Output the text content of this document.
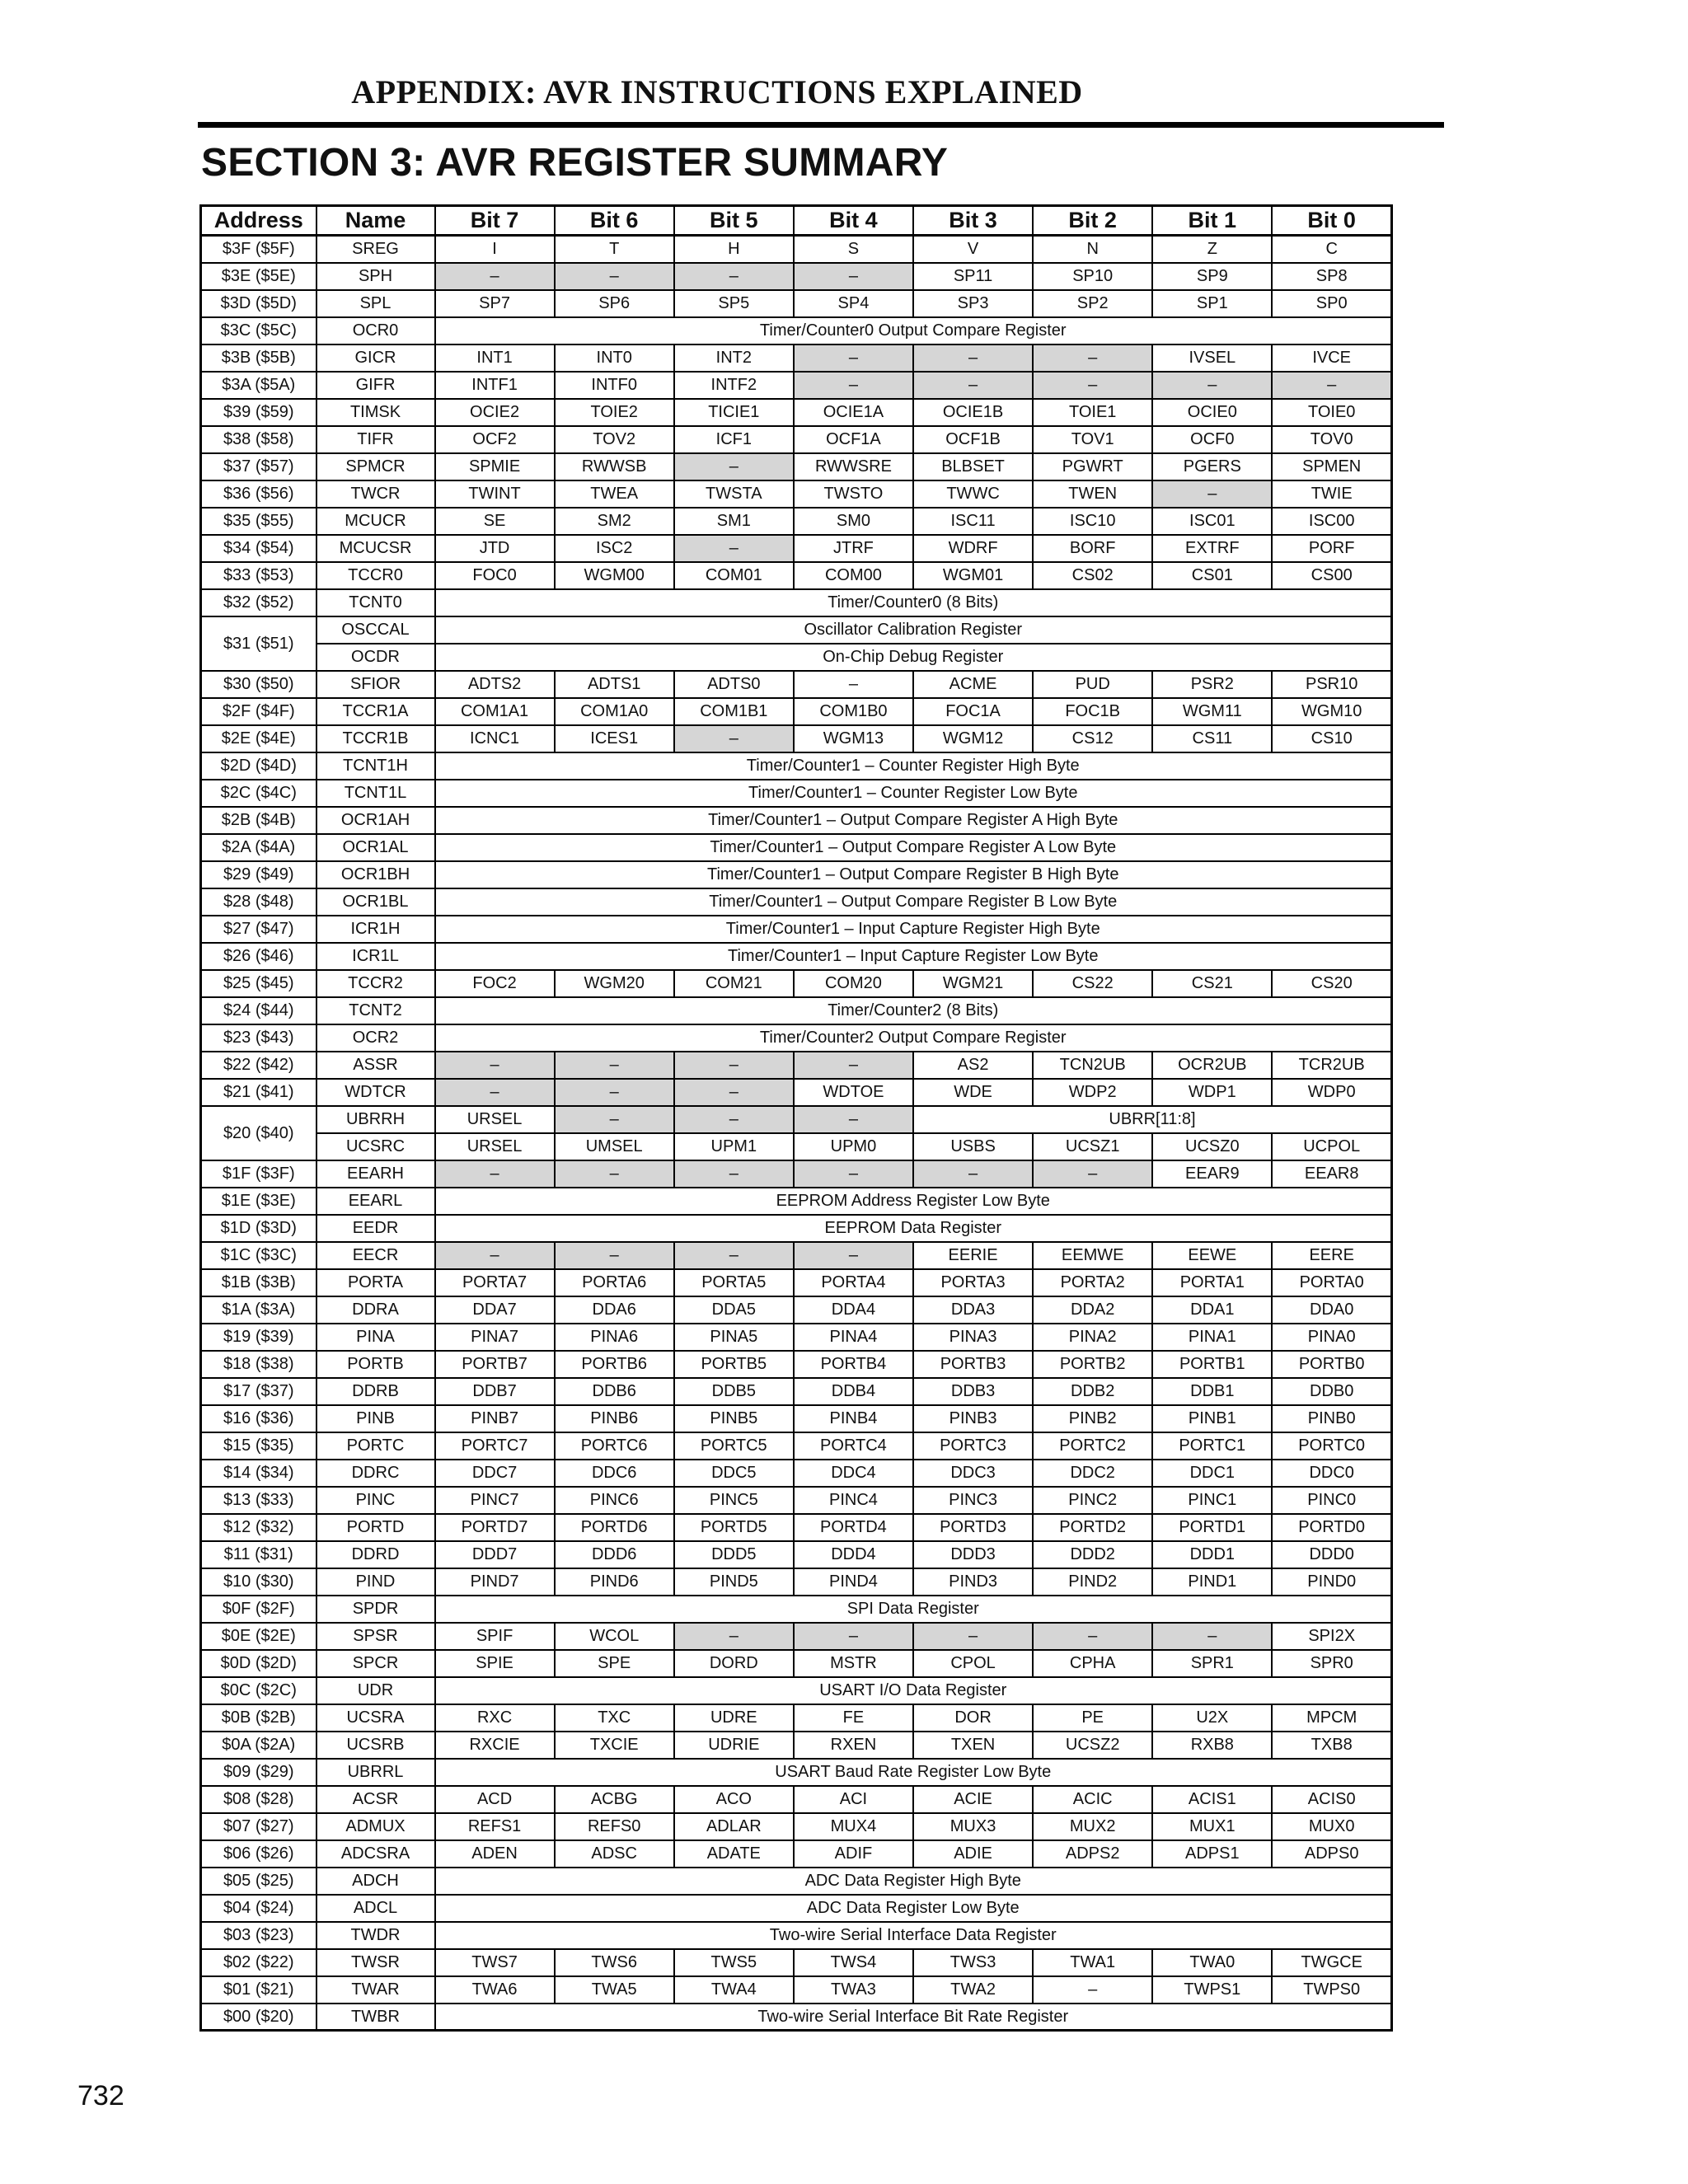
APPENDIX: AVR INSTRUCTIONS EXPLAINED
SECTION 3: AVR REGISTER SUMMARY
Address	Name	Bit 7	Bit 6	Bit 5	Bit 4	Bit 3	Bit 2	Bit 1	Bit 0
$3F ($5F)	SREG	I	T	H	S	V	N	Z	C
$3E ($5E)	SPH	–	–	–	–	SP11	SP10	SP9	SP8
$3D ($5D)	SPL	SP7	SP6	SP5	SP4	SP3	SP2	SP1	SP0
$3C ($5C)	OCR0	Timer/Counter0 Output Compare Register							
$3B ($5B)	GICR	INT1	INT0	INT2	–	–	–	IVSEL	IVCE
$3A ($5A)	GIFR	INTF1	INTF0	INTF2	–	–	–	–	–
$39 ($59)	TIMSK	OCIE2	TOIE2	TICIE1	OCIE1A	OCIE1B	TOIE1	OCIE0	TOIE0
$38 ($58)	TIFR	OCF2	TOV2	ICF1	OCF1A	OCF1B	TOV1	OCF0	TOV0
$37 ($57)	SPMCR	SPMIE	RWWSB	–	RWWSRE	BLBSET	PGWRT	PGERS	SPMEN
$36 ($56)	TWCR	TWINT	TWEA	TWSTA	TWSTO	TWWC	TWEN	–	TWIE
$35 ($55)	MCUCR	SE	SM2	SM1	SM0	ISC11	ISC10	ISC01	ISC00
$34 ($54)	MCUCSR	JTD	ISC2	–	JTRF	WDRF	BORF	EXTRF	PORF
$33 ($53)	TCCR0	FOC0	WGM00	COM01	COM00	WGM01	CS02	CS01	CS00
$32 ($52)	TCNT0	Timer/Counter0 (8 Bits)							
$31 ($51)	OSCCAL	Oscillator Calibration Register							
	OCDR	On-Chip Debug Register							
$30 ($50)	SFIOR	ADTS2	ADTS1	ADTS0	–	ACME	PUD	PSR2	PSR10
$2F ($4F)	TCCR1A	COM1A1	COM1A0	COM1B1	COM1B0	FOC1A	FOC1B	WGM11	WGM10
$2E ($4E)	TCCR1B	ICNC1	ICES1	–	WGM13	WGM12	CS12	CS11	CS10
$2D ($4D)	TCNT1H	Timer/Counter1 – Counter Register High Byte							
$2C ($4C)	TCNT1L	Timer/Counter1 – Counter Register Low Byte							
$2B ($4B)	OCR1AH	Timer/Counter1 – Output Compare Register A High Byte							
$2A ($4A)	OCR1AL	Timer/Counter1 – Output Compare Register A Low Byte							
$29 ($49)	OCR1BH	Timer/Counter1 – Output Compare Register B High Byte							
$28 ($48)	OCR1BL	Timer/Counter1 – Output Compare Register B Low Byte							
$27 ($47)	ICR1H	Timer/Counter1 – Input Capture Register High Byte							
$26 ($46)	ICR1L	Timer/Counter1 – Input Capture Register Low Byte							
$25 ($45)	TCCR2	FOC2	WGM20	COM21	COM20	WGM21	CS22	CS21	CS20
$24 ($44)	TCNT2	Timer/Counter2 (8 Bits)							
$23 ($43)	OCR2	Timer/Counter2 Output Compare Register							
$22 ($42)	ASSR	–	–	–	–	AS2	TCN2UB	OCR2UB	TCR2UB
$21 ($41)	WDTCR	–	–	–	WDTOE	WDE	WDP2	WDP1	WDP0
$20 ($40)	UBRRH	URSEL	–	–	–	UBRR[11:8]			
	UCSRC	URSEL	UMSEL	UPM1	UPM0	USBS	UCSZ1	UCSZ0	UCPOL
$1F ($3F)	EEARH	–	–	–	–	–	–	EEAR9	EEAR8
$1E ($3E)	EEARL	EEPROM Address Register Low Byte							
$1D ($3D)	EEDR	EEPROM Data Register							
$1C ($3C)	EECR	–	–	–	–	EERIE	EEMWE	EEWE	EERE
$1B ($3B)	PORTA	PORTA7	PORTA6	PORTA5	PORTA4	PORTA3	PORTA2	PORTA1	PORTA0
$1A ($3A)	DDRA	DDA7	DDA6	DDA5	DDA4	DDA3	DDA2	DDA1	DDA0
$19 ($39)	PINA	PINA7	PINA6	PINA5	PINA4	PINA3	PINA2	PINA1	PINA0
$18 ($38)	PORTB	PORTB7	PORTB6	PORTB5	PORTB4	PORTB3	PORTB2	PORTB1	PORTB0
$17 ($37)	DDRB	DDB7	DDB6	DDB5	DDB4	DDB3	DDB2	DDB1	DDB0
$16 ($36)	PINB	PINB7	PINB6	PINB5	PINB4	PINB3	PINB2	PINB1	PINB0
$15 ($35)	PORTC	PORTC7	PORTC6	PORTC5	PORTC4	PORTC3	PORTC2	PORTC1	PORTC0
$14 ($34)	DDRC	DDC7	DDC6	DDC5	DDC4	DDC3	DDC2	DDC1	DDC0
$13 ($33)	PINC	PINC7	PINC6	PINC5	PINC4	PINC3	PINC2	PINC1	PINC0
$12 ($32)	PORTD	PORTD7	PORTD6	PORTD5	PORTD4	PORTD3	PORTD2	PORTD1	PORTD0
$11 ($31)	DDRD	DDD7	DDD6	DDD5	DDD4	DDD3	DDD2	DDD1	DDD0
$10 ($30)	PIND	PIND7	PIND6	PIND5	PIND4	PIND3	PIND2	PIND1	PIND0
$0F ($2F)	SPDR	SPI Data Register							
$0E ($2E)	SPSR	SPIF	WCOL	–	–	–	–	–	SPI2X
$0D ($2D)	SPCR	SPIE	SPE	DORD	MSTR	CPOL	CPHA	SPR1	SPR0
$0C ($2C)	UDR	USART I/O Data Register							
$0B ($2B)	UCSRA	RXC	TXC	UDRE	FE	DOR	PE	U2X	MPCM
$0A ($2A)	UCSRB	RXCIE	TXCIE	UDRIE	RXEN	TXEN	UCSZ2	RXB8	TXB8
$09 ($29)	UBRRL	USART Baud Rate Register Low Byte							
$08 ($28)	ACSR	ACD	ACBG	ACO	ACI	ACIE	ACIC	ACIS1	ACIS0
$07 ($27)	ADMUX	REFS1	REFS0	ADLAR	MUX4	MUX3	MUX2	MUX1	MUX0
$06 ($26)	ADCSRA	ADEN	ADSC	ADATE	ADIF	ADIE	ADPS2	ADPS1	ADPS0
$05 ($25)	ADCH	ADC Data Register High Byte							
$04 ($24)	ADCL	ADC Data Register Low Byte							
$03 ($23)	TWDR	Two-wire Serial Interface Data Register							
$02 ($22)	TWSR	TWS7	TWS6	TWS5	TWS4	TWS3	TWA1	TWA0	TWGCE
$01 ($21)	TWAR	TWA6	TWA5	TWA4	TWA3	TWA2	–	TWPS1	TWPS0
$00 ($20)	TWBR	Two-wire Serial Interface Bit Rate Register							
732
